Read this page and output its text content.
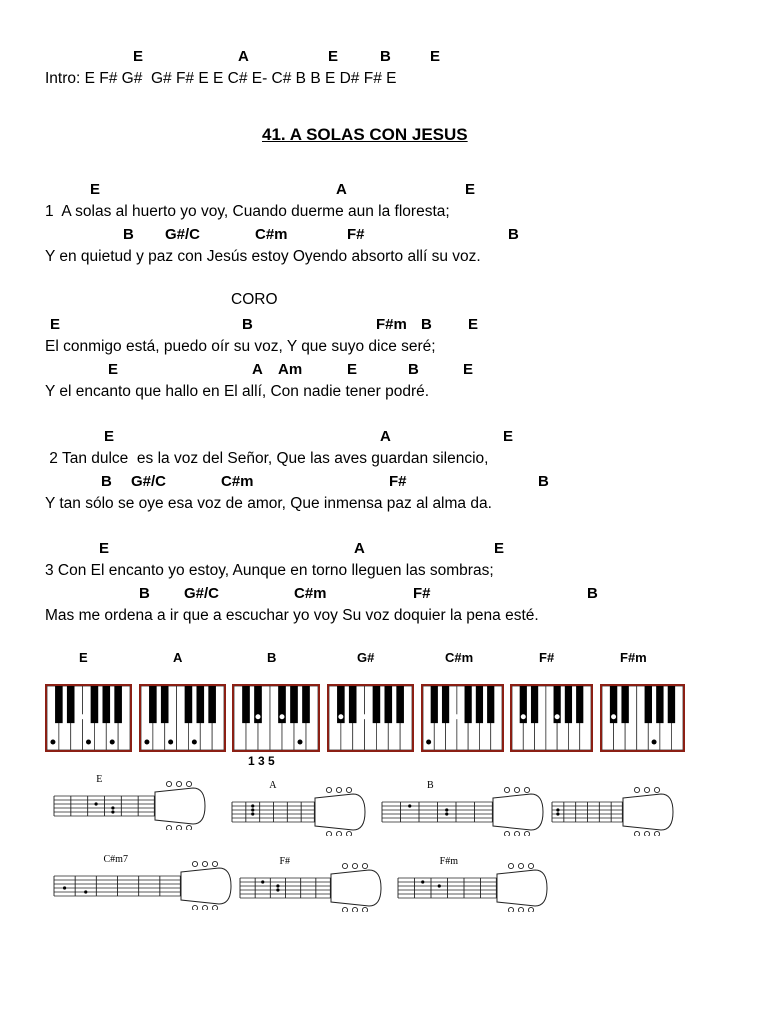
E	A	E	B	E
Intro: E F# G#  G# F# E E C# E- C# B B E D# F# E
41. A SOLAS CON JESUS
E	A	E
1  A solas al huerto yo voy, Cuando duerme aun la floresta;
B G#/C	C#m	F#	B
Y en quietud y paz con Jesús estoy Oyendo absorto allí su voz.
CORO
E	B	F#m B E
El conmigo está, puedo oír su voz, Y que suyo dice seré;
E	A Am	E	B	E
Y el encanto que hallo en El allí, Con nadie tener podré.
E	A	E
2 Tan dulce  es la voz del Señor, Que las aves guardan silencio,
B G#/C	C#m	F#	B
Y tan sólo se oye esa voz de amor, Que inmensa paz al alma da.
E	A	E
3 Con El encanto yo estoy, Aunque en torno lleguen las sombras;
B G#/C	C#m	F#	B
Mas me ordena a ir que a escuchar yo voy Su voz doquier la pena esté.
E	A	B	G#	C#m	F#	F#m
1 3 5
E
A	B
C#m7	F#	F#m
